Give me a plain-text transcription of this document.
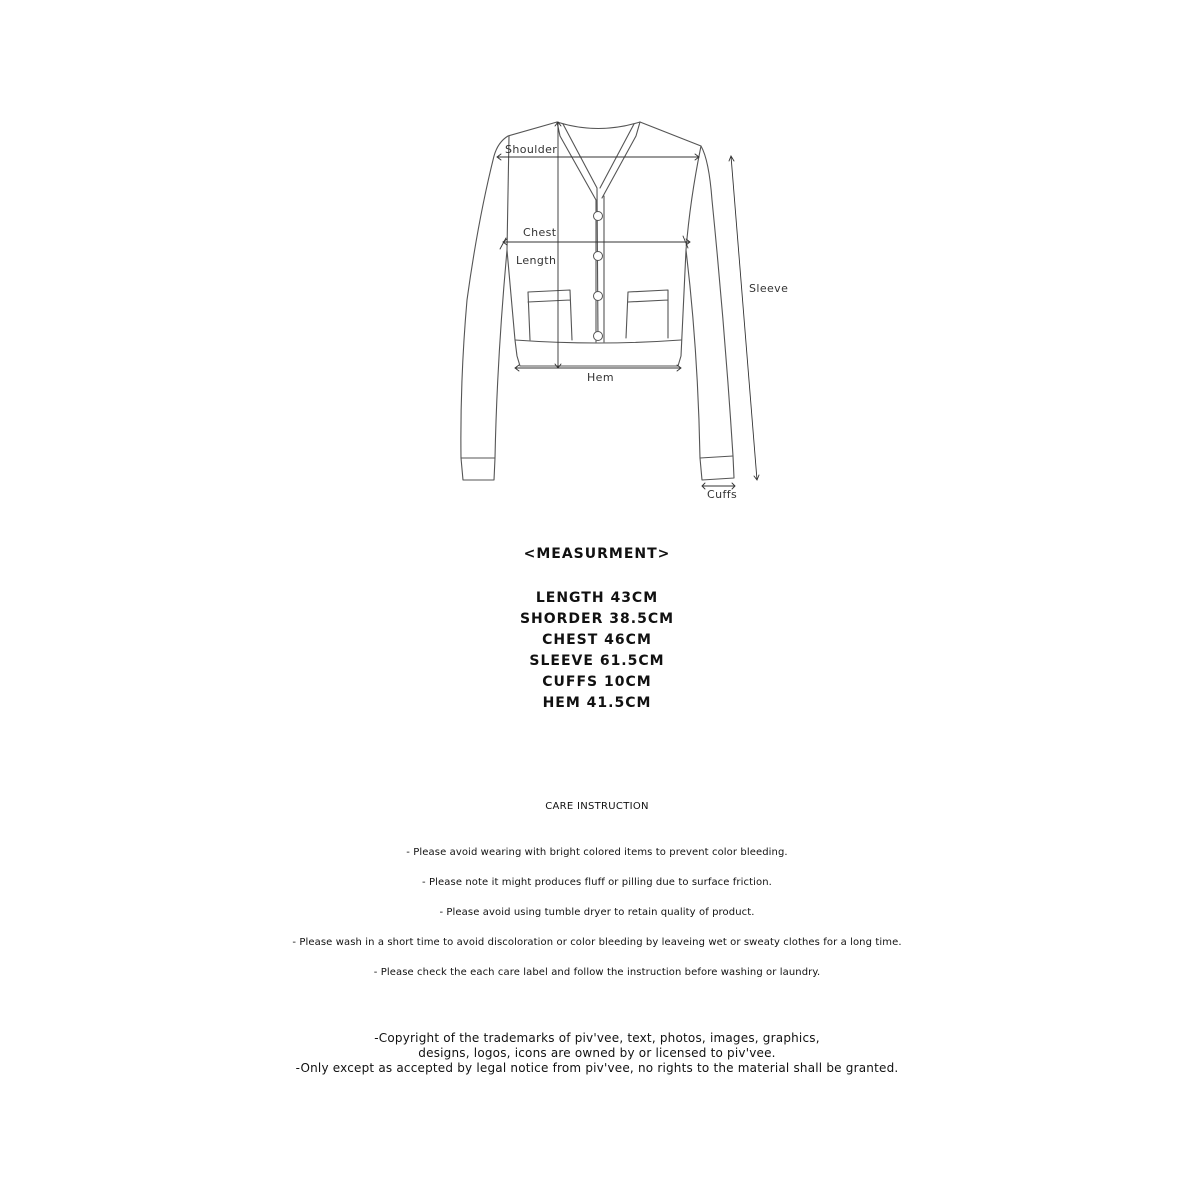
Shoulder
Chest
Length
Sleeve
Hem
Cuffs
<MEASURMENT>
LENGTH 43CM
SHORDER 38.5CM
CHEST 46CM
SLEEVE 61.5CM
CUFFS 10CM
HEM 41.5CM
CARE INSTRUCTION
- Please avoid wearing with bright colored items to prevent color bleeding.
- Please note it might produces fluff or pilling due to surface friction.
- Please avoid using tumble dryer to retain quality of product.
- Please wash in a short time to avoid discoloration or color bleeding by leaveing wet or sweaty clothes for a long time.
- Please check the each care label and follow the instruction before washing or laundry.
-Copyright of the trademarks of piv'vee, text, photos, images, graphics,
designs, logos, icons are owned by or licensed to piv'vee.
-Only except as accepted by legal notice from piv'vee, no rights to the material shall be granted.
